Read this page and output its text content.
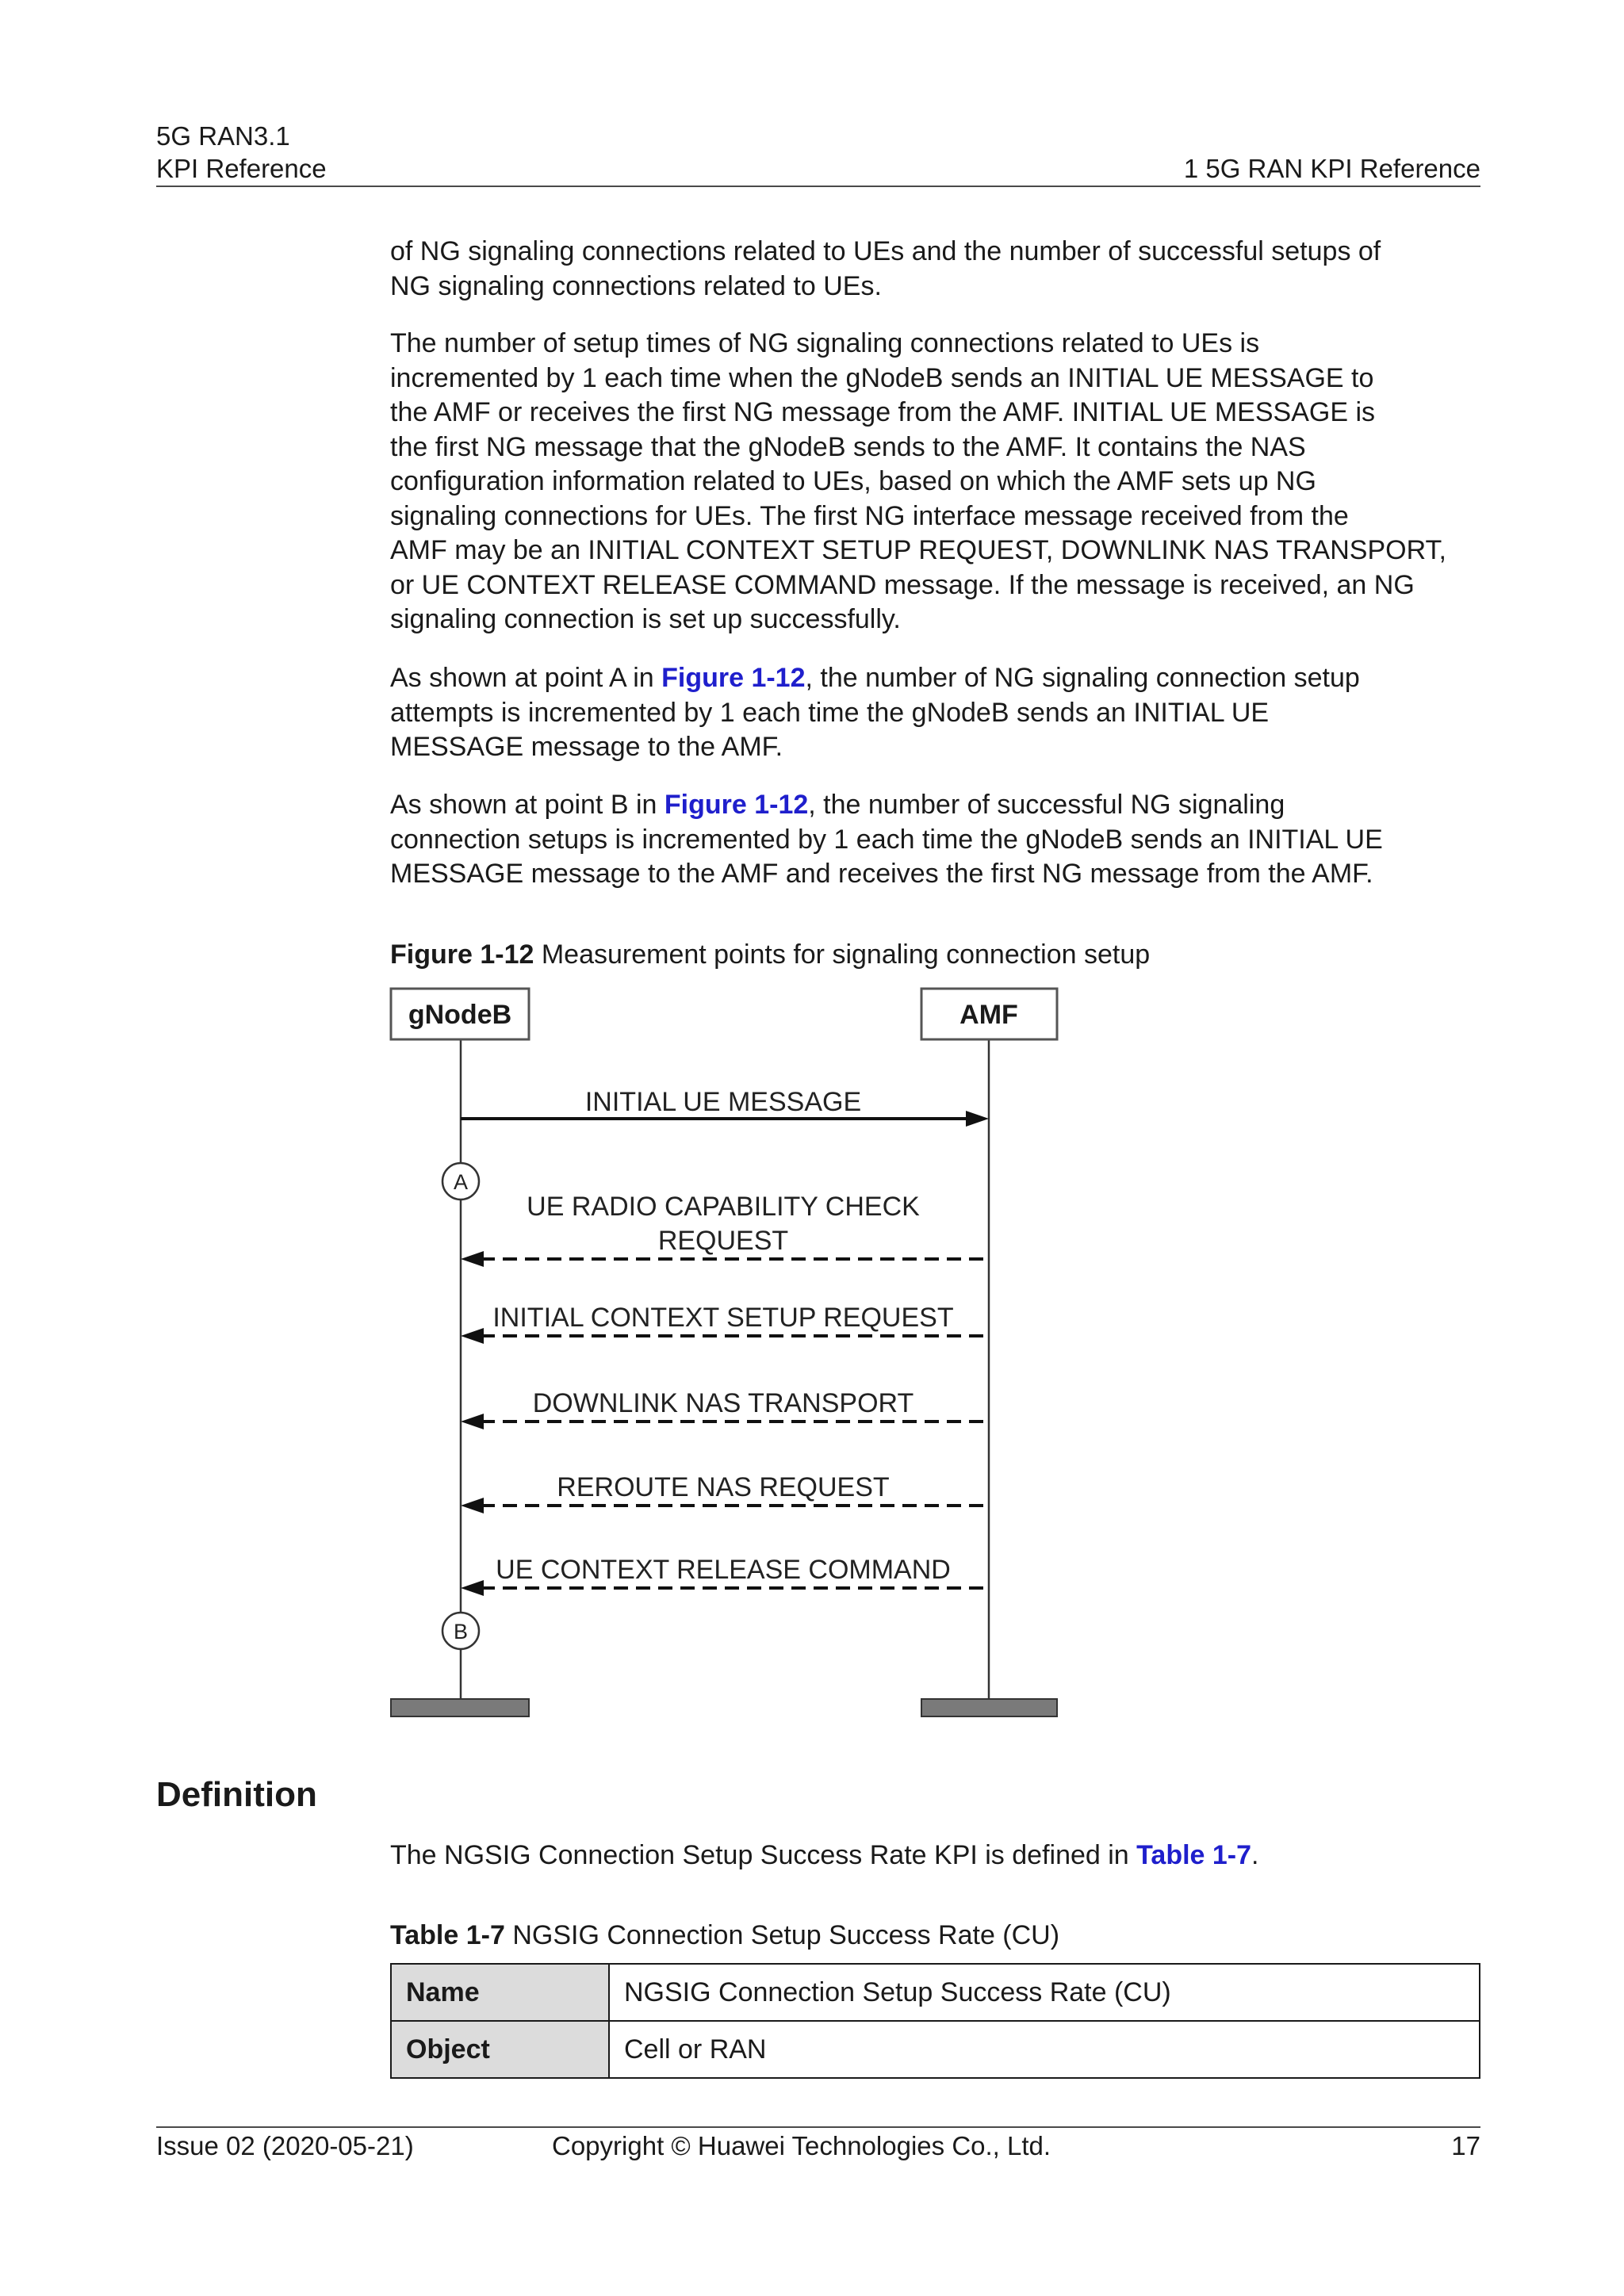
5G RAN3.1
KPI Reference	1 5G RAN KPI Reference
of NG signaling connections related to UEs and the number of successful setups of
NG signaling connections related to UEs.
The number of setup times of NG signaling connections related to UEs is
incremented by 1 each time when the gNodeB sends an INITIAL UE MESSAGE to
the AMF or receives the first NG message from the AMF. INITIAL UE MESSAGE is
the first NG message that the gNodeB sends to the AMF. It contains the NAS
configuration information related to UEs, based on which the AMF sets up NG
signaling connections for UEs. The first NG interface message received from the
AMF may be an INITIAL CONTEXT SETUP REQUEST, DOWNLINK NAS TRANSPORT,
or UE CONTEXT RELEASE COMMAND message. If the message is received, an NG
signaling connection is set up successfully.
As shown at point A in Figure 1-12, the number of NG signaling connection setup
attempts is incremented by 1 each time the gNodeB sends an INITIAL UE
MESSAGE message to the AMF.
As shown at point B in Figure 1-12, the number of successful NG signaling
connection setups is incremented by 1 each time the gNodeB sends an INITIAL UE
MESSAGE message to the AMF and receives the first NG message from the AMF.
Figure 1-12 Measurement points for signaling connection setup
gNodeB	AMF
INITIAL UE MESSAGE
A
UE RADIO CAPABILITY CHECK
REQUEST
INITIAL CONTEXT SETUP REQUEST
DOWNLINK NAS TRANSPORT
REROUTE NAS REQUEST
UE CONTEXT RELEASE COMMAND
B
Definition
The NGSIG Connection Setup Success Rate KPI is defined in Table 1-7.
Table 1-7 NGSIG Connection Setup Success Rate (CU)
Name	NGSIG Connection Setup Success Rate (CU)
Object	Cell or RAN
Issue 02 (2020-05-21)	Copyright © Huawei Technologies Co., Ltd.	17
